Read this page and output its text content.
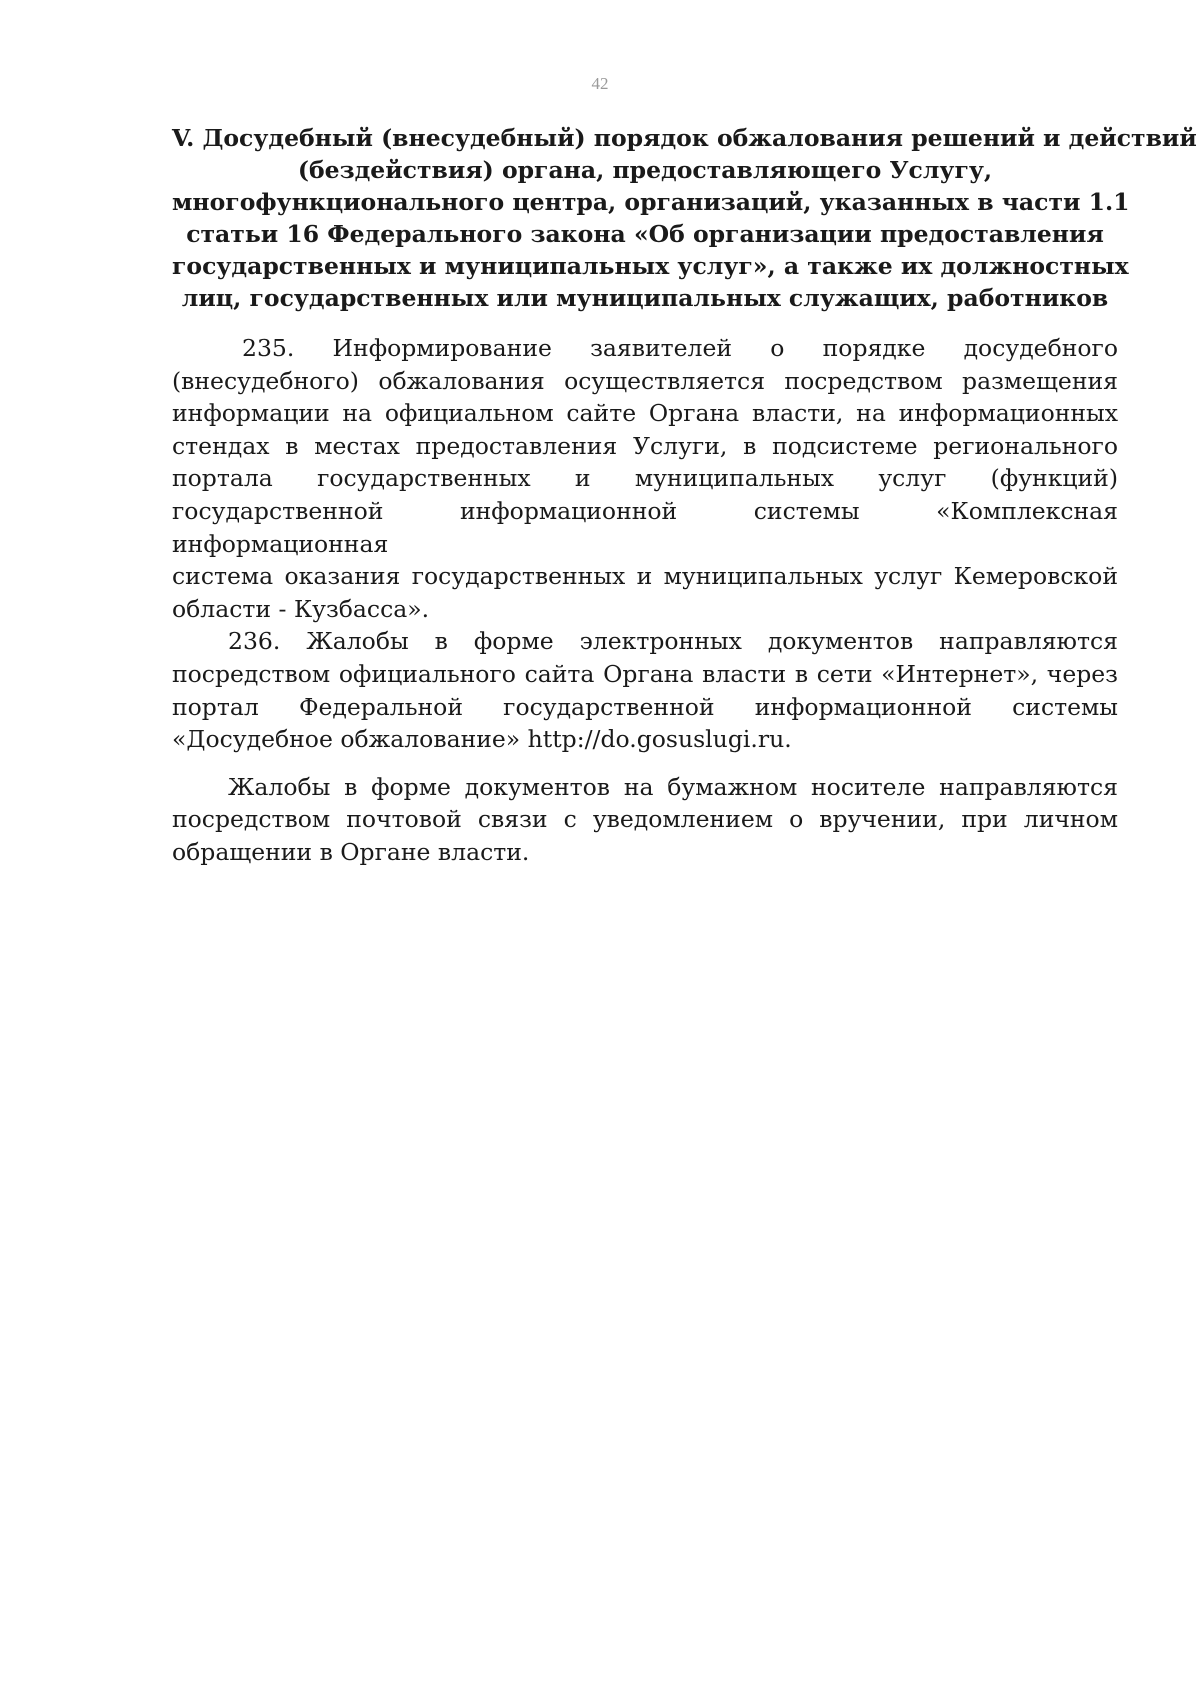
42
V. Досудебный (внесудебный) порядок обжалования решений и действий
(бездействия) органа, предоставляющего Услугу,
многофункционального центра, организаций, указанных в части 1.1
статьи 16 Федерального закона «Об организации предоставления
государственных и муниципальных услуг», а также их должностных
лиц, государственных или муниципальных служащих, работников

235. Информирование заявителей о порядке досудебного
(внесудебного) обжалования осуществляется посредством размещения
информации на официальном сайте Органа власти, на информационных
стендах в местах предоставления Услуги, в подсистеме регионального
портала государственных и муниципальных услуг (функций)
государственной информационной системы «Комплексная информационная
система оказания государственных и муниципальных услуг Кемеровской
области - Кузбасса».

236. Жалобы в форме электронных документов направляются
посредством официального сайта Органа власти в сети «Интернет», через
портал Федеральной государственной информационной системы
«Досудебное обжалование» http://do.gosuslugi.ru.

Жалобы в форме документов на бумажном носителе направляются
посредством почтовой связи с уведомлением о вручении, при личном
обращении в Органе власти.
